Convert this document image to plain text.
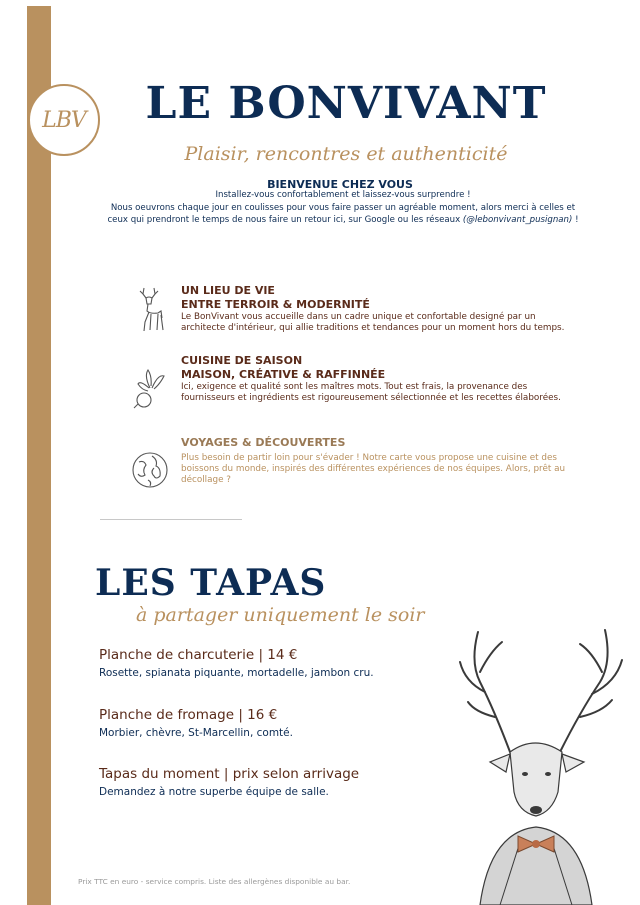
LBV LE BONVIVANT
Plaisir, rencontres et authenticité
BIENVENUE CHEZ VOUS
Installez-vous confortablement et laissez-vous surprendre !
Nous oeuvrons chaque jour en coulisses pour vous faire passer un agréable moment, alors merci à celles et ceux qui prendront le temps de nous faire un retour ici, sur Google ou les réseaux (@lebonvivant_pusignan) !
UN LIEU DE VIE
ENTRE TERROIR & MODERNITÉ
Le BonVivant vous accueille dans un cadre unique et confortable designé par un architecte d'intérieur, qui allie traditions et tendances pour un moment hors du temps.
CUISINE DE SAISON
MAISON, CRÉATIVE & RAFFINNÉE
Ici, exigence et qualité sont les maîtres mots. Tout est frais, la provenance des fournisseurs et ingrédients est rigoureusement sélectionnée et les recettes élaborées.
VOYAGES & DÉCOUVERTES
Plus besoin de partir loin pour s'évader ! Notre carte vous propose une cuisine et des boissons du monde, inspirés des différentes expériences de nos équipes. Alors, prêt au décollage ?
LES TAPAS
à partager uniquement le soir
Planche de charcuterie | 14 €
Rosette, spianata piquante, mortadelle, jambon cru.
Planche de fromage | 16 €
Morbier, chèvre, St-Marcellin, comté.
Tapas du moment | prix selon arrivage
Demandez à notre superbe équipe de salle.
Prix TTC en euro - service compris. Liste des allergènes disponible au bar.
